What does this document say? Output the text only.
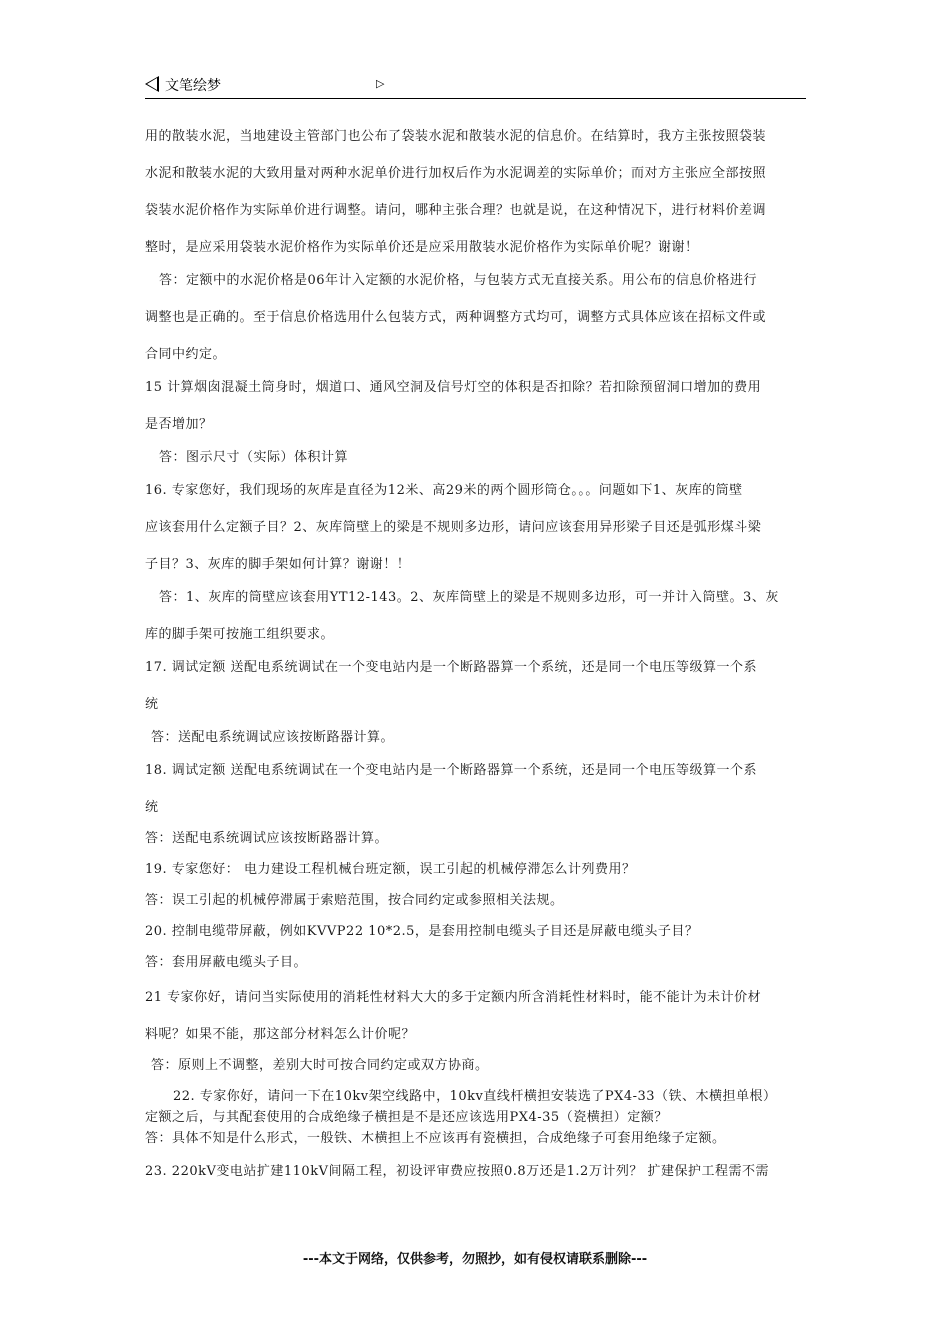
文笔绘梦	▷
用的散装水泥，当地建设主管部门也公布了袋装水泥和散装水泥的信息价。在结算时，我方主张按照袋装
水泥和散装水泥的大致用量对两种水泥单价进行加权后作为水泥调差的实际单价；而对方主张应全部按照
袋装水泥价格作为实际单价进行调整。请问，哪种主张合理？也就是说，在这种情况下，进行材料价差调
整时，是应采用袋装水泥价格作为实际单价还是应采用散装水泥价格作为实际单价呢？谢谢！
答：定额中的水泥价格是06年计入定额的水泥价格，与包装方式无直接关系。用公布的信息价格进行
调整也是正确的。至于信息价格选用什么包装方式，两种调整方式均可，调整方式具体应该在招标文件或
合同中约定。
15 计算烟囱混凝土筒身时，烟道口、通风空洞及信号灯空的体积是否扣除？若扣除预留洞口增加的费用
是否增加？
答：图示尺寸（实际）体积计算
16. 专家您好，我们现场的灰库是直径为12米、高29米的两个圆形筒仓。。。问题如下1、灰库的筒壁
应该套用什么定额子目？2、灰库筒壁上的梁是不规则多边形，请问应该套用异形梁子目还是弧形煤斗梁
子目？3、灰库的脚手架如何计算？谢谢！！
答：1、灰库的筒壁应该套用YT12-143。2、灰库筒壁上的梁是不规则多边形，可一并计入筒壁。3、灰
库的脚手架可按施工组织要求。
17. 调试定额 送配电系统调试在一个变电站内是一个断路器算一个系统，还是同一个电压等级算一个系
统
答：送配电系统调试应该按断路器计算。
18. 调试定额 送配电系统调试在一个变电站内是一个断路器算一个系统，还是同一个电压等级算一个系
统
答：送配电系统调试应该按断路器计算。
19. 专家您好： 电力建设工程机械台班定额，误工引起的机械停滞怎么计列费用？
答：误工引起的机械停滞属于索赔范围，按合同约定或参照相关法规。
20. 控制电缆带屏蔽，例如KVVP22 10*2.5，是套用控制电缆头子目还是屏蔽电缆头子目？
答：套用屏蔽电缆头子目。
21 专家你好，请问当实际使用的消耗性材料大大的多于定额内所含消耗性材料时，能不能计为未计价材
料呢？如果不能，那这部分材料怎么计价呢？
答：原则上不调整，差别大时可按合同约定或双方协商。
22. 专家你好，请问一下在10kv架空线路中，10kv直线杆横担安装选了PX4-33（铁、木横担单根）
定额之后，与其配套使用的合成绝缘子横担是不是还应该选用PX4-35（瓷横担）定额？
答：具体不知是什么形式，一般铁、木横担上不应该再有瓷横担，合成绝缘子可套用绝缘子定额。
23. 220kV变电站扩建110kV间隔工程，初设评审费应按照0.8万还是1.2万计列？ 扩建保护工程需不需
---本文于网络，仅供参考，勿照抄，如有侵权请联系删除---
